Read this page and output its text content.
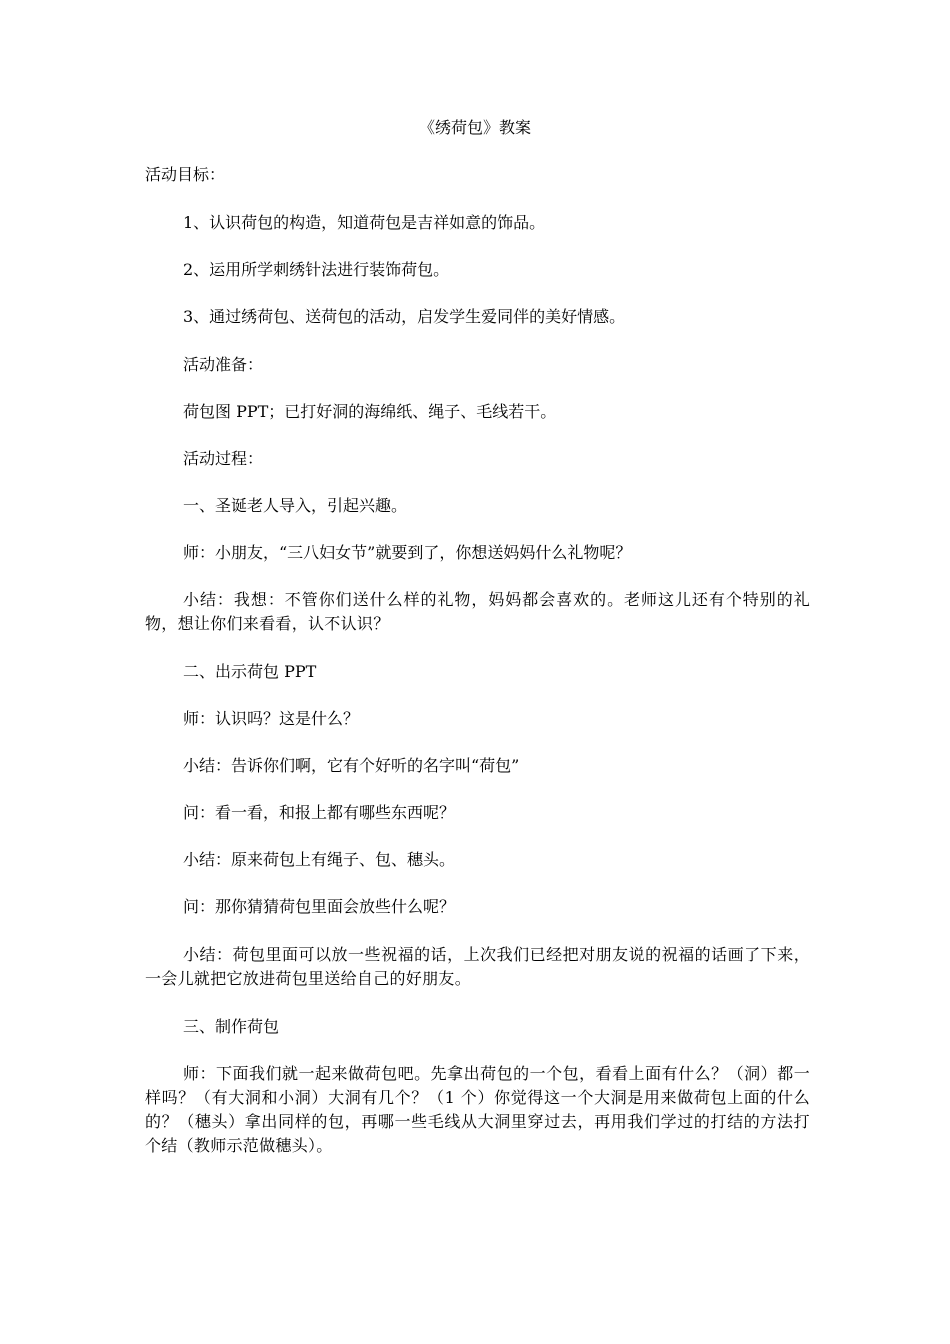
《绣荷包》教案

活动目标：

1、认识荷包的构造，知道荷包是吉祥如意的饰品。

2、运用所学刺绣针法进行装饰荷包。

3、通过绣荷包、送荷包的活动，启发学生爱同伴的美好情感。

活动准备：

荷包图 PPT；已打好洞的海绵纸、绳子、毛线若干。

活动过程：

一、圣诞老人导入，引起兴趣。

师：小朋友，“三八妇女节”就要到了，你想送妈妈什么礼物呢？

小结：我想：不管你们送什么样的礼物，妈妈都会喜欢的。老师这儿还有个特别的礼物，想让你们来看看，认不认识？

二、出示荷包 PPT

师：认识吗？这是什么？

小结：告诉你们啊，它有个好听的名字叫“荷包”

问：看一看，和报上都有哪些东西呢？

小结：原来荷包上有绳子、包、穗头。

问：那你猜猜荷包里面会放些什么呢？

小结：荷包里面可以放一些祝福的话，上次我们已经把对朋友说的祝福的话画了下来，一会儿就把它放进荷包里送给自己的好朋友。

三、制作荷包

师：下面我们就一起来做荷包吧。先拿出荷包的一个包，看看上面有什么？（洞）都一样吗？（有大洞和小洞）大洞有几个？（1 个）你觉得这一个大洞是用来做荷包上面的什么的？（穗头）拿出同样的包，再哪一些毛线从大洞里穿过去，再用我们学过的打结的方法打个结（教师示范做穗头）。
